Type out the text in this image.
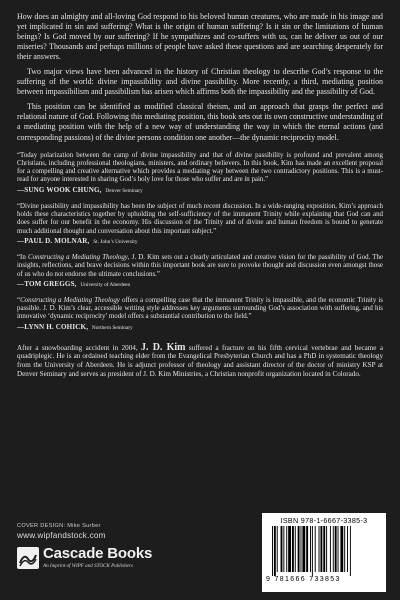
How does an almighty and all-loving God respond to his beloved human creatures, who are made in his image and yet implicated in sin and suffering? What is the origin of human suffering? Is it sin or the limitations of human beings? Is God moved by our suffering? If he sympathizes and co-suffers with us, can he deliver us out of our miseries? Thousands and perhaps millions of people have asked these questions and are searching desperately for their answers.

Two major views have been advanced in the history of Christian theology to describe God’s response to the suffering of the world: divine impassibility and divine passibility. More recently, a third, mediating position between impassibilism and passibilism has arisen which affirms both the impassibility and the passibility of God.

This position can be identified as modified classical theism, and an approach that grasps the perfect and relational nature of God. Following this mediating position, this book sets out its own constructive understanding of a mediating position with the help of a new way of understanding the way in which the eternal actions (and corresponding passions) of the divine persons condition one another—the dynamic reciprocity model.

“Today polarization between the camp of divine impassibility and that of divine passibility is profound and prevalent among Christians, including professional theologians, ministers, and ordinary believers. In this book, Kim has made an excellent proposal for a compelling and creative alternative which provides a mediating way between the two contradictory positions. This is a must-read for anyone interested in sharing God’s holy love for those who suffer and are in pain.”

—SUNG WOOK CHUNG, Denver Seminary

“Divine passibility and impassibility has been the subject of much recent discussion. In a wide-ranging exposition, Kim’s approach holds these characteristics together by upholding the self-sufficiency of the immanent Trinity while explaining that God can and does suffer for our benefit in the economy. His discussion of the Trinity and of divine and human freedom is bound to generate much additional thought and conversation about this important subject.”

—PAUL D. MOLNAR, St. John’s University

“In Constructing a Mediating Theology, J. D. Kim sets out a clearly articulated and creative vision for the passibility of God. The insights, reflections, and brave decisions within this important book are sure to provoke thought and discussion even amongst those of us who do not endorse the ultimate conclusions.”

—TOM GREGGS, University of Aberdeen

“Constructing a Mediating Theology offers a compelling case that the immanent Trinity is impassible, and the economic Trinity is passible. J. D. Kim’s clear, accessible writing style addresses key arguments surrounding God’s association with suffering, and his innovative ‘dynamic reciprocity’ model offers a substantial contribution to the field.”

—LYNN H. COHICK, Northern Seminary

After a snowboarding accident in 2004, J. D. Kim suffered a fracture on his fifth cervical vertebrae and became a quadriplegic. He is an ordained teaching elder from the Evangelical Presbyterian Church and has a PhD in systematic theology from the University of Aberdeen. He is adjunct professor of theology and assistant director of the doctor of ministry KSP at Denver Seminary and serves as president of J. D. Kim Ministries, a Christian nonprofit organization located in Colorado.

COVER DESIGN: Mike Surber
www.wipfandstock.com
Cascade Books
An Imprint of WIPF and STOCK Publishers
ISBN 978-1-6667-3385-3
9 781666 733853
